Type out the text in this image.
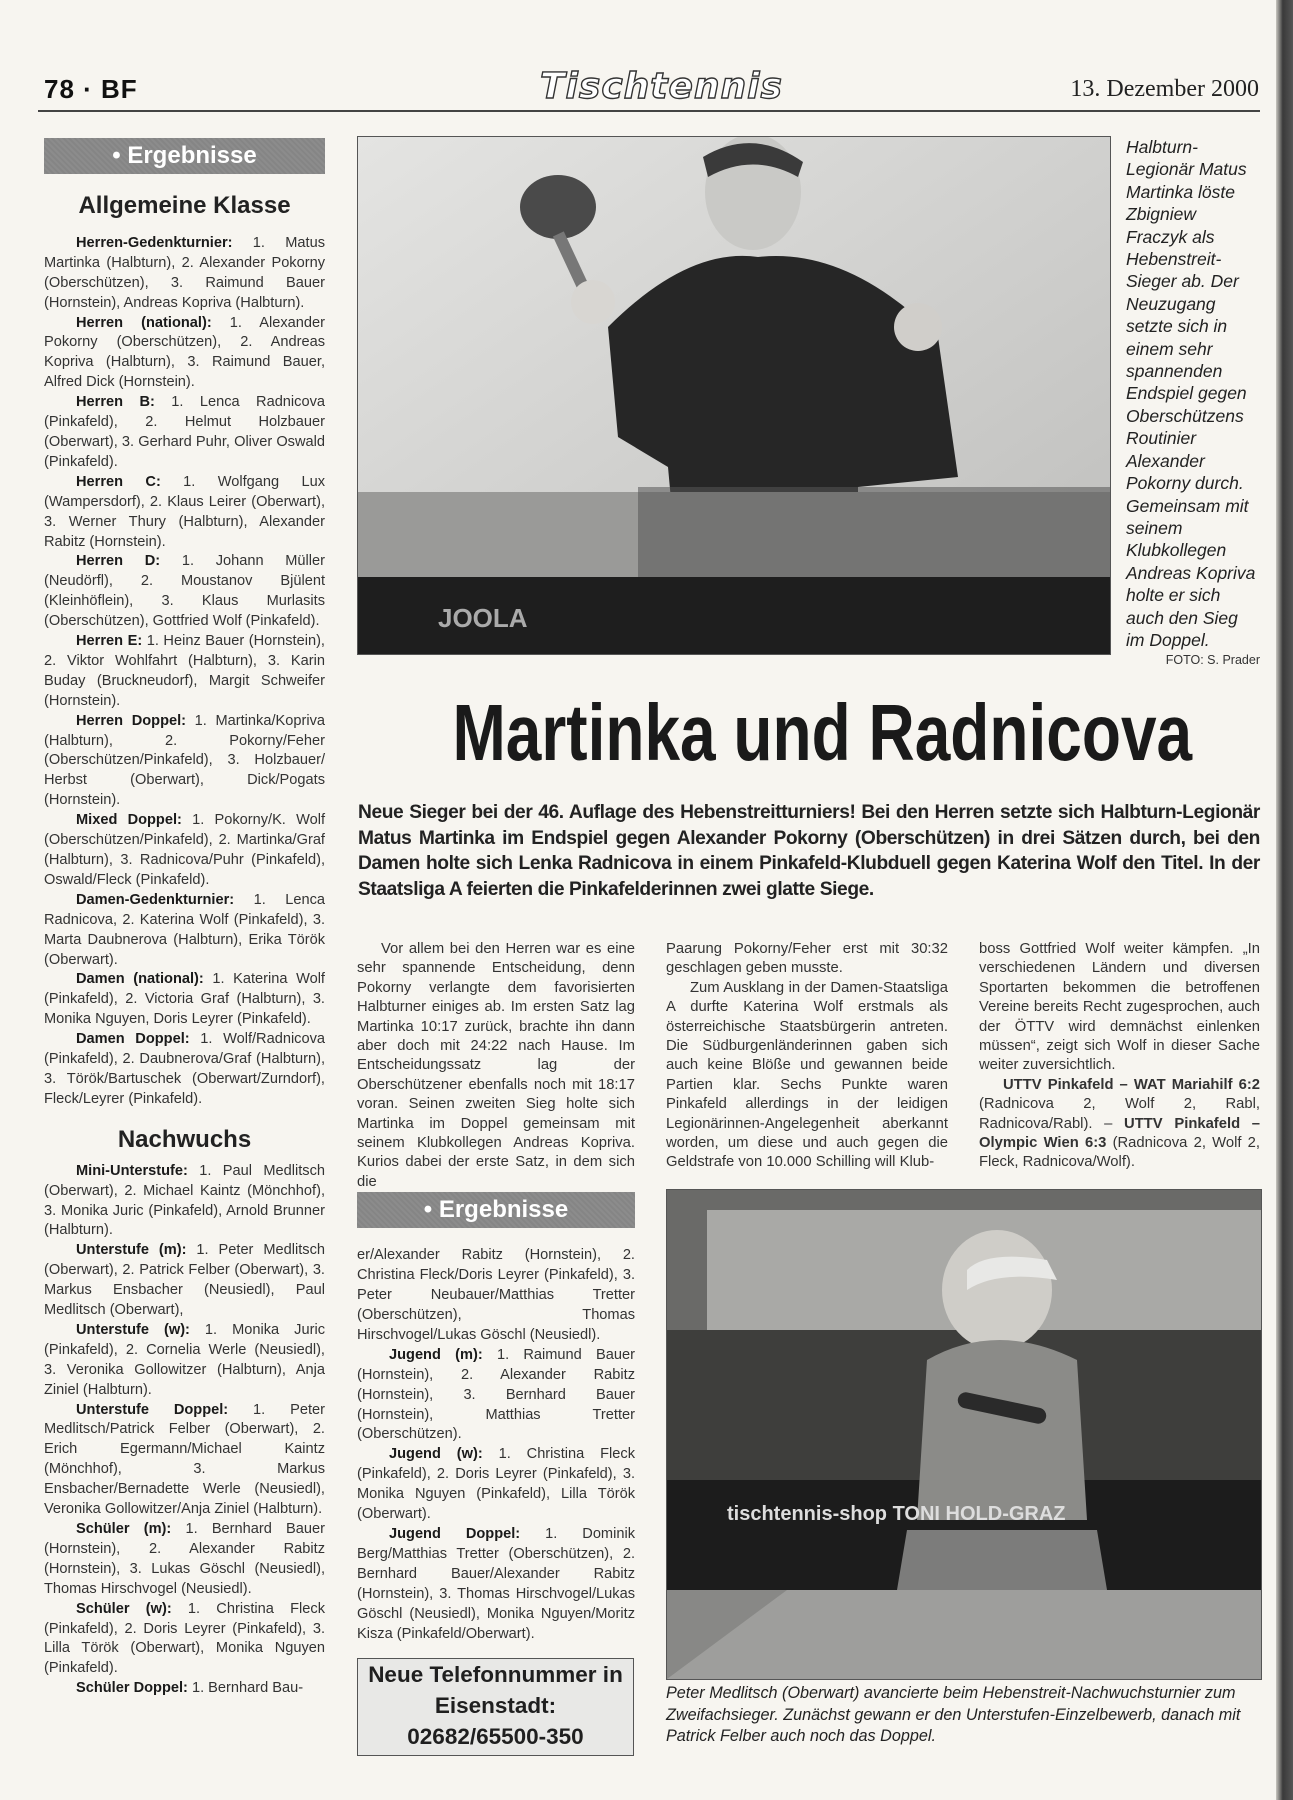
78 · BF	Tischtennis	13. Dezember 2000
• Ergebnisse
Allgemeine Klasse

Herren-Gedenkturnier: 1. Matus Martinka (Halbturn), 2. Alexander Pokorny (Oberschützen), 3. Raimund Bauer (Hornstein), Andreas Kopriva (Halbturn).

Herren (national): 1. Alexander Pokorny (Oberschützen), 2. Andreas Kopriva (Halbturn), 3. Raimund Bauer, Alfred Dick (Hornstein).

Herren B: 1. Lenca Radnicova (Pinkafeld), 2. Helmut Holzbauer (Oberwart), 3. Gerhard Puhr, Oliver Oswald (Pinkafeld).

Herren C: 1. Wolfgang Lux (Wampersdorf), 2. Klaus Leirer (Oberwart), 3. Werner Thury (Halbturn), Alexander Rabitz (Hornstein).

Herren D: 1. Johann Müller (Neudörfl), 2. Moustanov Bjülent (Kleinhöflein), 3. Klaus Murlasits (Oberschützen), Gottfried Wolf (Pinkafeld).

Herren E: 1. Heinz Bauer (Hornstein), 2. Viktor Wohlfahrt (Halbturn), 3. Karin Buday (Bruckneudorf), Margit Schweifer (Hornstein).

Herren Doppel: 1. Martinka/Kopriva (Halbturn), 2. Pokorny/Feher (Oberschützen/Pinkafeld), 3. Holzbauer/ Herbst (Oberwart), Dick/Pogats (Hornstein).

Mixed Doppel: 1. Pokorny/K. Wolf (Oberschützen/Pinkafeld), 2. Martinka/Graf (Halbturn), 3. Radnicova/Puhr (Pinkafeld), Oswald/Fleck (Pinkafeld).

Damen-Gedenkturnier: 1. Lenca Radnicova, 2. Katerina Wolf (Pinkafeld), 3. Marta Daubnerova (Halbturn), Erika Török (Oberwart).

Damen (national): 1. Katerina Wolf (Pinkafeld), 2. Victoria Graf (Halbturn), 3. Monika Nguyen, Doris Leyrer (Pinkafeld).

Damen Doppel: 1. Wolf/Radnicova (Pinkafeld), 2. Daubnerova/Graf (Halbturn), 3. Török/Bartuschek (Oberwart/Zurndorf), Fleck/Leyrer (Pinkafeld).

Nachwuchs

Mini-Unterstufe: 1. Paul Medlitsch (Oberwart), 2. Michael Kaintz (Mönchhof), 3. Monika Juric (Pinkafeld), Arnold Brunner (Halbturn).

Unterstufe (m): 1. Peter Medlitsch (Oberwart), 2. Patrick Felber (Oberwart), 3. Markus Ensbacher (Neusiedl), Paul Medlitsch (Oberwart),

Unterstufe (w): 1. Monika Juric (Pinkafeld), 2. Cornelia Werle (Neusiedl), 3. Veronika Gollowitzer (Halbturn), Anja Ziniel (Halbturn).

Unterstufe Doppel: 1. Peter Medlitsch/Patrick Felber (Oberwart), 2. Erich Egermann/Michael Kaintz (Mönchhof), 3. Markus Ensbacher/Bernadette Werle (Neusiedl), Veronika Gollowitzer/Anja Ziniel (Halbturn).

Schüler (m): 1. Bernhard Bauer (Hornstein), 2. Alexander Rabitz (Hornstein), 3. Lukas Göschl (Neusiedl), Thomas Hirschvogel (Neusiedl).

Schüler (w): 1. Christina Fleck (Pinkafeld), 2. Doris Leyrer (Pinkafeld), 3. Lilla Török (Oberwart), Monika Nguyen (Pinkafeld).

Schüler Doppel: 1. Bernhard Bau-

JOOLA
Halbturn-Legionär Matus Martinka löste Zbigniew Fraczyk als Hebenstreit-Sieger ab. Der Neuzugang setzte sich in einem sehr spannenden Endspiel gegen Oberschützens Routinier Alexander Pokorny durch. Gemeinsam mit seinem Klubkollegen Andreas Kopriva holte er sich auch den Sieg im Doppel.
FOTO: S. Prader
Martinka und Radnicova
Neue Sieger bei der 46. Auflage des Hebenstreitturniers! Bei den Herren setzte sich Halbturn-Legionär Matus Martinka im Endspiel gegen Alexander Pokorny (Oberschützen) in drei Sätzen durch, bei den Damen holte sich Lenka Radnicova in einem Pinkafeld-Klubduell gegen Katerina Wolf den Titel. In der Staatsliga A feierten die Pinkafelderinnen zwei glatte Siege.

Vor allem bei den Herren war es eine sehr spannende Entscheidung, denn Pokorny verlangte dem favorisierten Halbturner einiges ab. Im ersten Satz lag Martinka 10:17 zurück, brachte ihn dann aber doch mit 24:22 nach Hause. Im Entscheidungssatz lag der Oberschützener ebenfalls noch mit 18:17 voran. Seinen zweiten Sieg holte sich Martinka im Doppel gemeinsam mit seinem Klubkollegen Andreas Kopriva. Kurios dabei der erste Satz, in dem sich die

• Ergebnisse

er/Alexander Rabitz (Hornstein), 2. Christina Fleck/Doris Leyrer (Pinkafeld), 3. Peter Neubauer/Matthias Tretter (Oberschützen), Thomas Hirschvogel/Lukas Göschl (Neusiedl).

Jugend (m): 1. Raimund Bauer (Hornstein), 2. Alexander Rabitz (Hornstein), 3. Bernhard Bauer (Hornstein), Matthias Tretter (Oberschützen).

Jugend (w): 1. Christina Fleck (Pinkafeld), 2. Doris Leyrer (Pinkafeld), 3. Monika Nguyen (Pinkafeld), Lilla Török (Oberwart).

Jugend Doppel: 1. Dominik Berg/Matthias Tretter (Oberschützen), 2. Bernhard Bauer/Alexander Rabitz (Hornstein), 3. Thomas Hirschvogel/Lukas Göschl (Neusiedl), Monika Nguyen/Moritz Kisza (Pinkafeld/Oberwart).

Neue Telefonnummer in
Eisenstadt:
02682/65500-350

Paarung Pokorny/Feher erst mit 30:32 geschlagen geben musste.

Zum Ausklang in der Damen-Staatsliga A durfte Katerina Wolf erstmals als österreichische Staatsbürgerin antreten. Die Südburgenländerinnen gaben sich auch keine Blöße und gewannen beide Partien klar. Sechs Punkte waren Pinkafeld allerdings in der leidigen Legionärinnen-Angelegenheit aberkannt worden, um diese und auch gegen die Geldstrafe von 10.000 Schilling will Klub-

boss Gottfried Wolf weiter kämpfen. „In verschiedenen Ländern und diversen Sportarten bekommen die betroffenen Vereine bereits Recht zugesprochen, auch der ÖTTV wird demnächst einlenken müssen“, zeigt sich Wolf in dieser Sache weiter zuversichtlich.

UTTV Pinkafeld – WAT Mariahilf 6:2 (Radnicova 2, Wolf 2, Rabl, Radnicova/Rabl). – UTTV Pinkafeld – Olympic Wien 6:3 (Radnicova 2, Wolf 2, Fleck, Radnicova/Wolf).

tischtennis-shop TONI HOLD-GRAZ
Peter Medlitsch (Oberwart) avancierte beim Hebenstreit-Nachwuchsturnier zum Zweifachsieger. Zunächst gewann er den Unterstufen-Einzelbewerb, danach mit Patrick Felber auch noch das Doppel.
